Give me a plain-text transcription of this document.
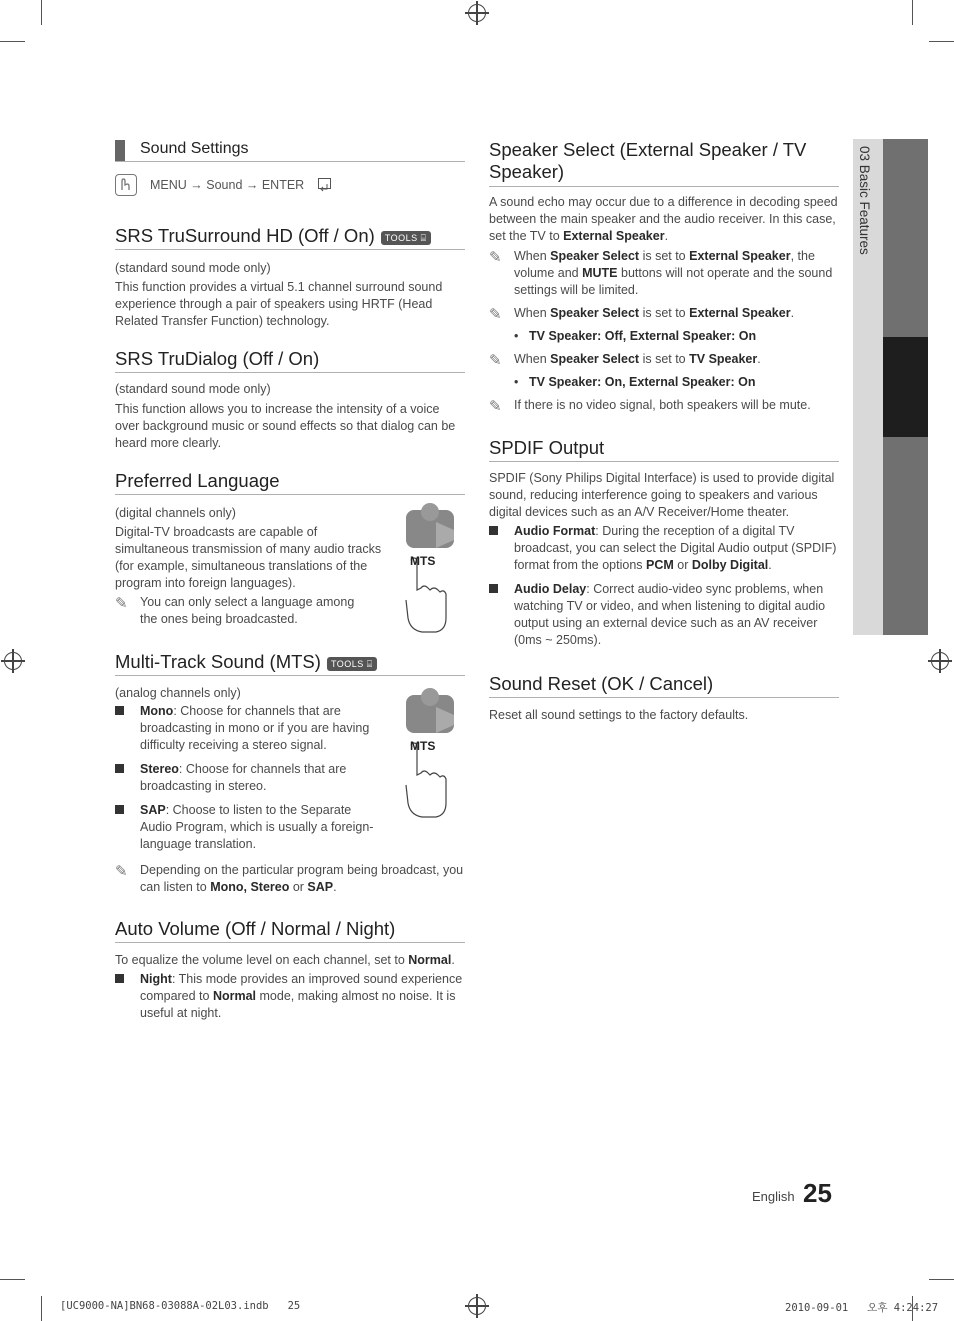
03 Basic Features
Sound Settings
MENU → Sound → ENTER
SRS TruSurround HD (Off / On) TOOLS ⌸

(standard sound mode only)

This function provides a virtual 5.1 channel surround sound experience through a pair of speakers using HRTF (Head Related Transfer Function) technology.

SRS TruDialog (Off / On)

(standard sound mode only)

This function allows you to increase the intensity of a voice over background music or sound effects so that dialog can be heard more clearly.

Preferred Language

(digital channels only)

Digital-TV broadcasts are capable of simultaneous transmission of many audio tracks (for example, simultaneous translations of the program into foreign languages).

✎ You can only select a language among the ones being broadcasted.

MTS
Multi-Track Sound (MTS) TOOLS ⌸

(analog channels only)

Mono: Choose for channels that are broadcasting in mono or if you are having difficulty receiving a stereo signal.

Stereo: Choose for channels that are broadcasting in stereo.

SAP: Choose to listen to the Separate Audio Program, which is usually a foreign-language translation.

✎ Depending on the particular program being broadcast, you can listen to Mono, Stereo or SAP.

MTS
Auto Volume (Off / Normal / Night)

To equalize the volume level on each channel, set to Normal.

Night: This mode provides an improved sound experience compared to Normal mode, making almost no noise. It is useful at night.

Speaker Select (External Speaker / TV Speaker)

A sound echo may occur due to a difference in decoding speed between the main speaker and the audio receiver. In this case, set the TV to External Speaker.

✎ When Speaker Select is set to External Speaker, the volume and MUTE buttons will not operate and the sound settings will be limited.

✎ When Speaker Select is set to External Speaker.

• TV Speaker: Off, External Speaker: On

✎ When Speaker Select is set to TV Speaker.

• TV Speaker: On, External Speaker: On

✎ If there is no video signal, both speakers will be mute.

SPDIF Output

SPDIF (Sony Philips Digital Interface) is used to provide digital sound, reducing interference going to speakers and various digital devices such as an A/V Receiver/Home theater.

Audio Format: During the reception of a digital TV broadcast, you can select the Digital Audio output (SPDIF) format from the options PCM or Dolby Digital.

Audio Delay: Correct audio-video sync problems, when watching TV or video, and when listening to digital audio output using an external device such as an AV receiver (0ms ~ 250ms).

Sound Reset (OK / Cancel)

Reset all sound settings to the factory defaults.

English 25
[UC9000-NA]BN68-03088A-02L03.indb   25	2010-09-01   오후 4:24:27
